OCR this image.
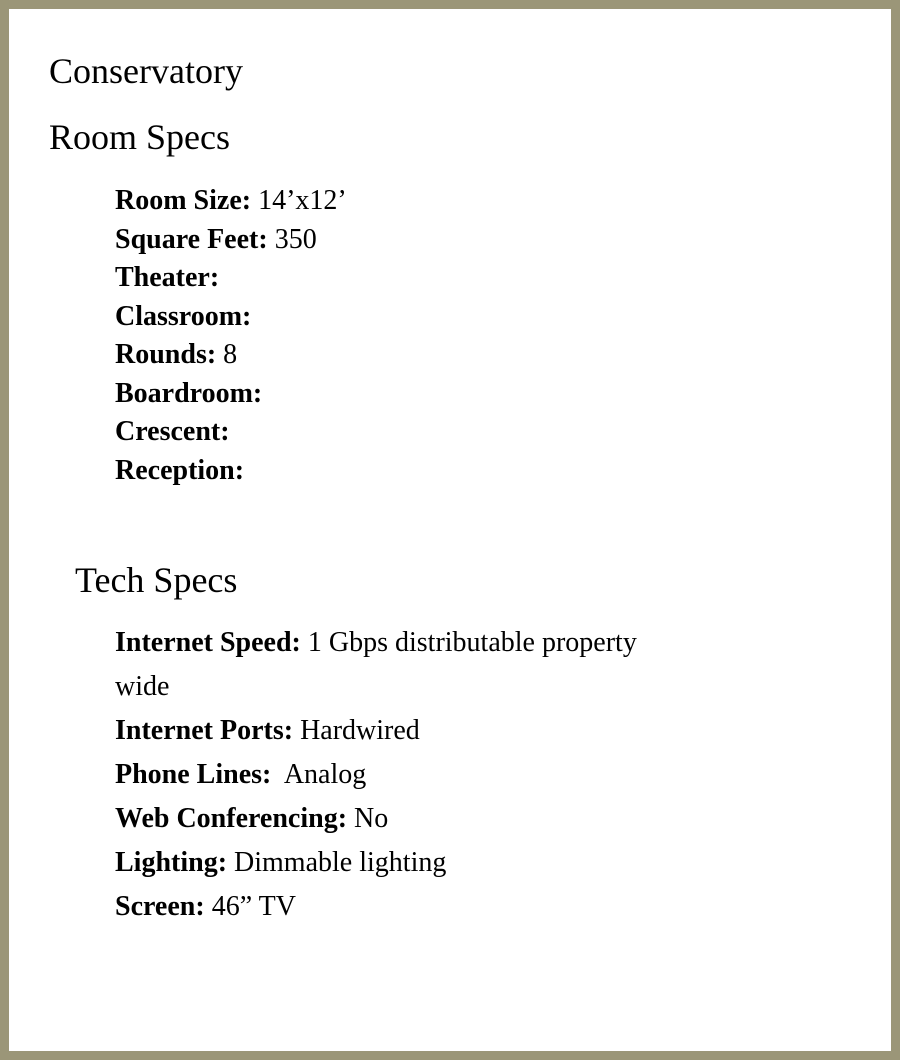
Conservatory
Room Specs
Room Size: 14’x12’
Square Feet: 350
Theater:
Classroom:
Rounds: 8
Boardroom:
Crescent:
Reception:
Tech Specs
Internet Speed: 1 Gbps distributable property wide
Internet Ports: Hardwired
Phone Lines:  Analog
Web Conferencing: No
Lighting: Dimmable lighting
Screen: 46” TV
